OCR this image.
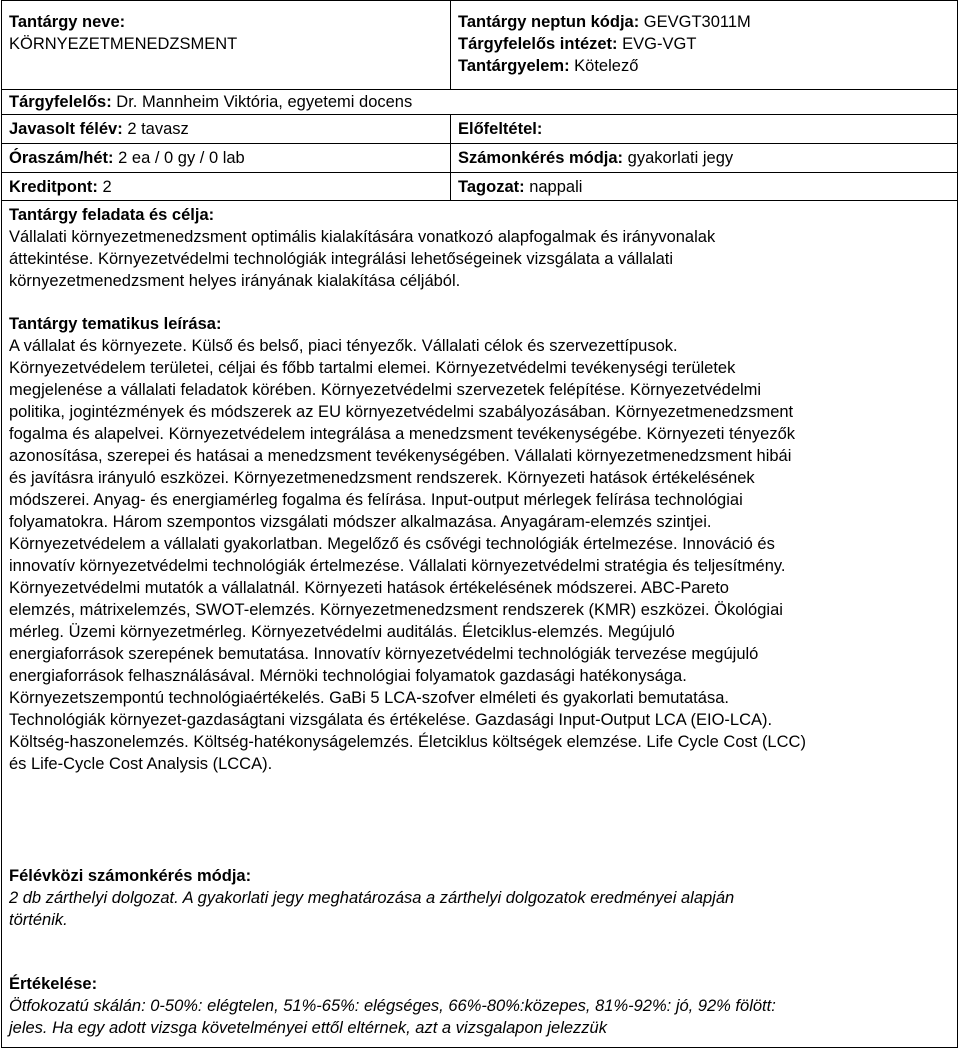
Tantárgy neve:
KÖRNYEZETMENEDZSMENT
Tantárgy neptun kódja: GEVGT3011M
Tárgyfelelős intézet: EVG-VGT
Tantárgyelem: Kötelező
Tárgyfelelős: Dr. Mannheim Viktória, egyetemi docens
Javasolt félév: 2 tavasz	Előfeltétel:
Óraszám/hét: 2 ea / 0 gy / 0 lab	Számonkérés módja: gyakorlati jegy
Kreditpont: 2	Tagozat: nappali
Tantárgy feladata és célja:
Vállalati környezetmenedzsment optimális kialakítására vonatkozó alapfogalmak és irányvonalak
áttekintése. Környezetvédelmi technológiák integrálási lehetőségeinek vizsgálata a vállalati
környezetmenedzsment helyes irányának kialakítása céljából.
Tantárgy tematikus leírása:
A vállalat és környezete. Külső és belső, piaci tényezők. Vállalati célok és szervezettípusok.
Környezetvédelem területei, céljai és főbb tartalmi elemei. Környezetvédelmi tevékenységi területek
megjelenése a vállalati feladatok körében. Környezetvédelmi szervezetek felépítése. Környezetvédelmi
politika, jogintézmények és módszerek az EU környezetvédelmi szabályozásában. Környezetmenedzsment
fogalma és alapelvei. Környezetvédelem integrálása a menedzsment tevékenységébe. Környezeti tényezők
azonosítása, szerepei és hatásai a menedzsment tevékenységében. Vállalati környezetmenedzsment hibái
és javításra irányuló eszközei. Környezetmenedzsment rendszerek. Környezeti hatások értékelésének
módszerei. Anyag- és energiamérleg fogalma és felírása. Input-output mérlegek felírása technológiai
folyamatokra. Három szempontos vizsgálati módszer alkalmazása. Anyagáram-elemzés szintjei.
Környezetvédelem a vállalati gyakorlatban. Megelőző és csővégi technológiák értelmezése. Innováció és
innovatív környezetvédelmi technológiák értelmezése. Vállalati környezetvédelmi stratégia és teljesítmény.
Környezetvédelmi mutatók a vállalatnál. Környezeti hatások értékelésének módszerei. ABC-Pareto
elemzés, mátrixelemzés, SWOT-elemzés. Környezetmenedzsment rendszerek (KMR) eszközei. Ökológiai
mérleg. Üzemi környezetmérleg. Környezetvédelmi auditálás. Életciklus-elemzés. Megújuló
energiaforrások szerepének bemutatása. Innovatív környezetvédelmi technológiák tervezése megújuló
energiaforrások felhasználásával. Mérnöki technológiai folyamatok gazdasági hatékonysága.
Környezetszempontú technológiaértékelés. GaBi 5 LCA-szofver elméleti és gyakorlati bemutatása.
Technológiák környezet-gazdaságtani vizsgálata és értékelése. Gazdasági Input-Output LCA (EIO-LCA).
Költség-haszonelemzés. Költség-hatékonyságelemzés. Életciklus költségek elemzése. Life Cycle Cost (LCC)
és Life-Cycle Cost Analysis (LCCA).
Félévközi számonkérés módja:
2 db zárthelyi dolgozat. A gyakorlati jegy meghatározása a zárthelyi dolgozatok eredményei alapján
történik.
Értékelése:
Ötfokozatú skálán: 0-50%: elégtelen, 51%-65%: elégséges, 66%-80%:közepes, 81%-92%: jó, 92% fölött:
jeles. Ha egy adott vizsga követelményei ettől eltérnek, azt a vizsgalapon jelezzük
